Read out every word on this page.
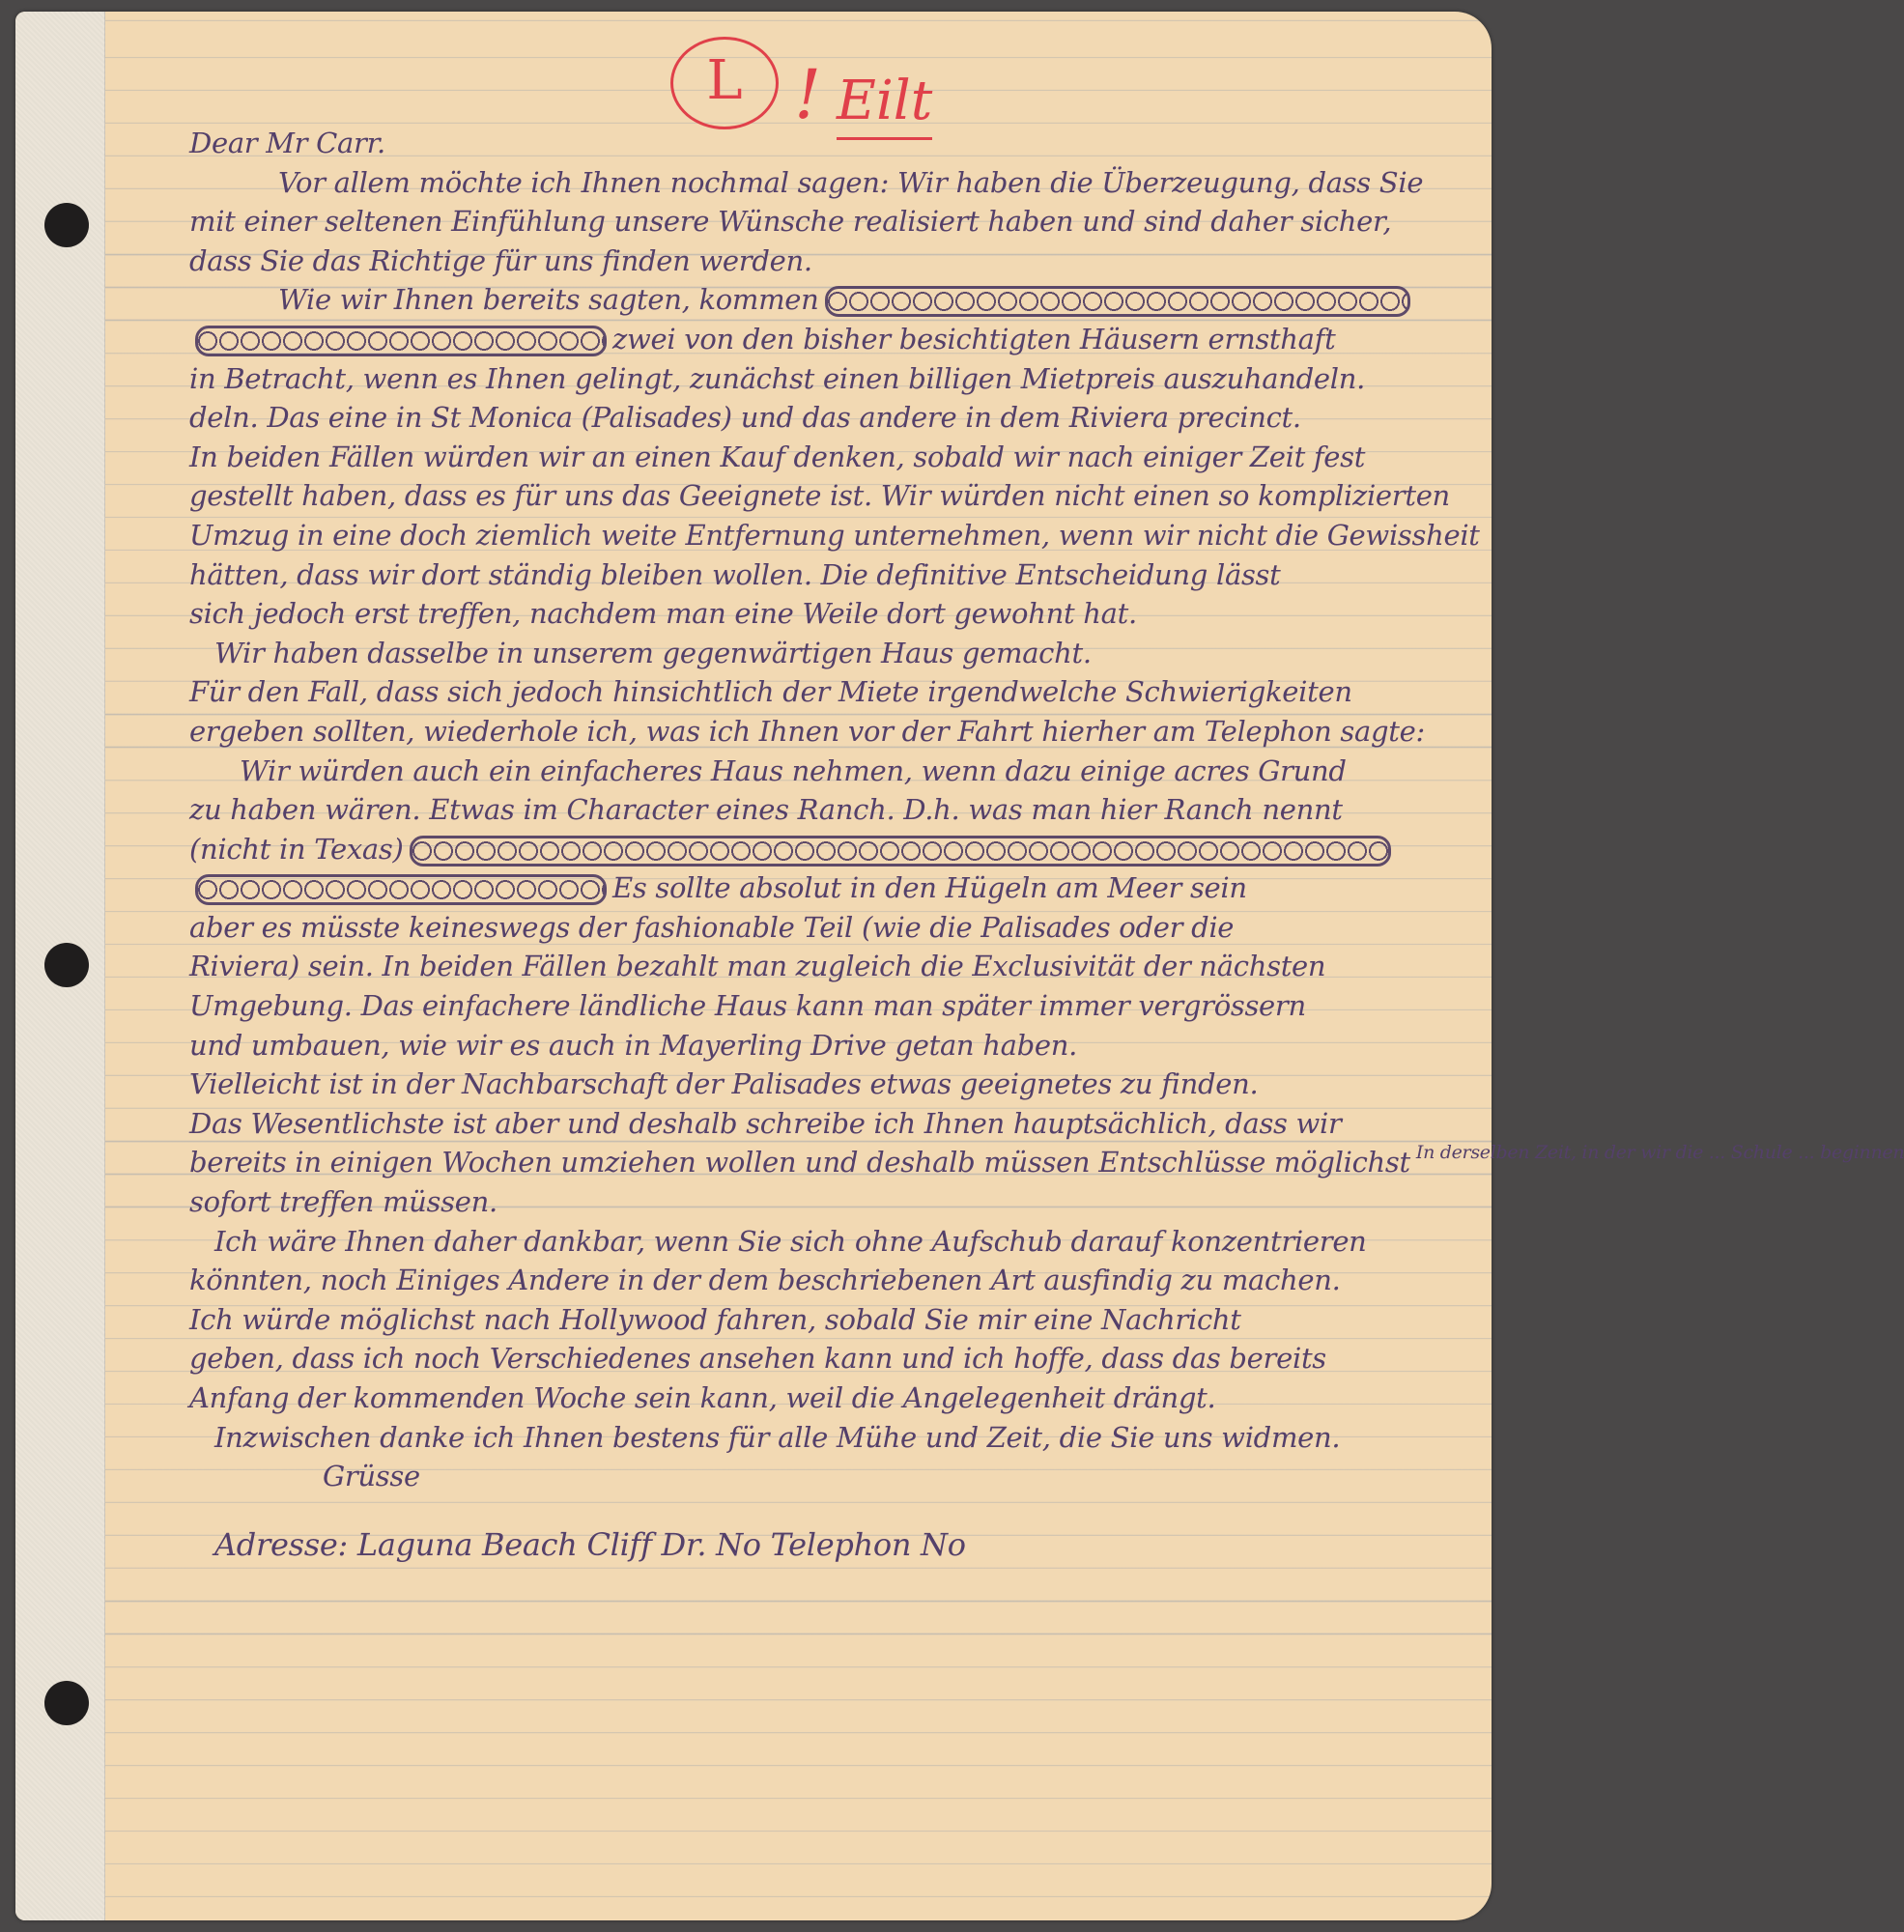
L ! Eilt
Dear Mr Carr.
Vor allem möchte ich Ihnen nochmal sagen: Wir haben die Überzeugung, dass Sie
mit einer seltenen Einfühlung unsere Wünsche realisiert haben und sind daher sicher,
dass Sie das Richtige für uns finden werden.
Wie wir Ihnen bereits sagten, kommen
zwei von den bisher besichtigten Häusern ernsthaft
in Betracht, wenn es Ihnen gelingt, zunächst einen billigen Mietpreis auszuhandeln.
deln. Das eine in St Monica (Palisades) und das andere in dem Riviera precinct.
In beiden Fällen würden wir an einen Kauf denken, sobald wir nach einiger Zeit fest
gestellt haben, dass es für uns das Geeignete ist. Wir würden nicht einen so komplizierten
Umzug in eine doch ziemlich weite Entfernung unternehmen, wenn wir nicht die Gewissheit
hätten, dass wir dort ständig bleiben wollen. Die definitive Entscheidung lässt
sich jedoch erst treffen, nachdem man eine Weile dort gewohnt hat.
Wir haben dasselbe in unserem gegenwärtigen Haus gemacht.
Für den Fall, dass sich jedoch hinsichtlich der Miete irgendwelche Schwierigkeiten
ergeben sollten, wiederhole ich, was ich Ihnen vor der Fahrt hierher am Telephon sagte:
Wir würden auch ein einfacheres Haus nehmen, wenn dazu einige acres Grund
zu haben wären. Etwas im Character eines Ranch. D.h. was man hier Ranch nennt
(nicht in Texas)
Es sollte absolut in den Hügeln am Meer sein
aber es müsste keineswegs der fashionable Teil (wie die Palisades oder die
Riviera) sein. In beiden Fällen bezahlt man zugleich die Exclusivität der nächsten
Umgebung. Das einfachere ländliche Haus kann man später immer vergrössern
und umbauen, wie wir es auch in Mayerling Drive getan haben.
Vielleicht ist in der Nachbarschaft der Palisades etwas geeignetes zu finden.
Das Wesentlichste ist aber und deshalb schreibe ich Ihnen hauptsächlich, dass wir
bereits in einigen Wochen umziehen wollen und deshalb müssen Entschlüsse möglichst In derselben Zeit, in der wir die ... Schule ... beginnen
sofort treffen müssen.
Ich wäre Ihnen daher dankbar, wenn Sie sich ohne Aufschub darauf konzentrieren
könnten, noch Einiges Andere in der dem beschriebenen Art ausfindig zu machen.
Ich würde möglichst nach Hollywood fahren, sobald Sie mir eine Nachricht
geben, dass ich noch Verschiedenes ansehen kann und ich hoffe, dass das bereits
Anfang der kommenden Woche sein kann, weil die Angelegenheit drängt.
Inzwischen danke ich Ihnen bestens für alle Mühe und Zeit, die Sie uns widmen.
Grüsse
Adresse: Laguna Beach Cliff Dr. No Telephon No
